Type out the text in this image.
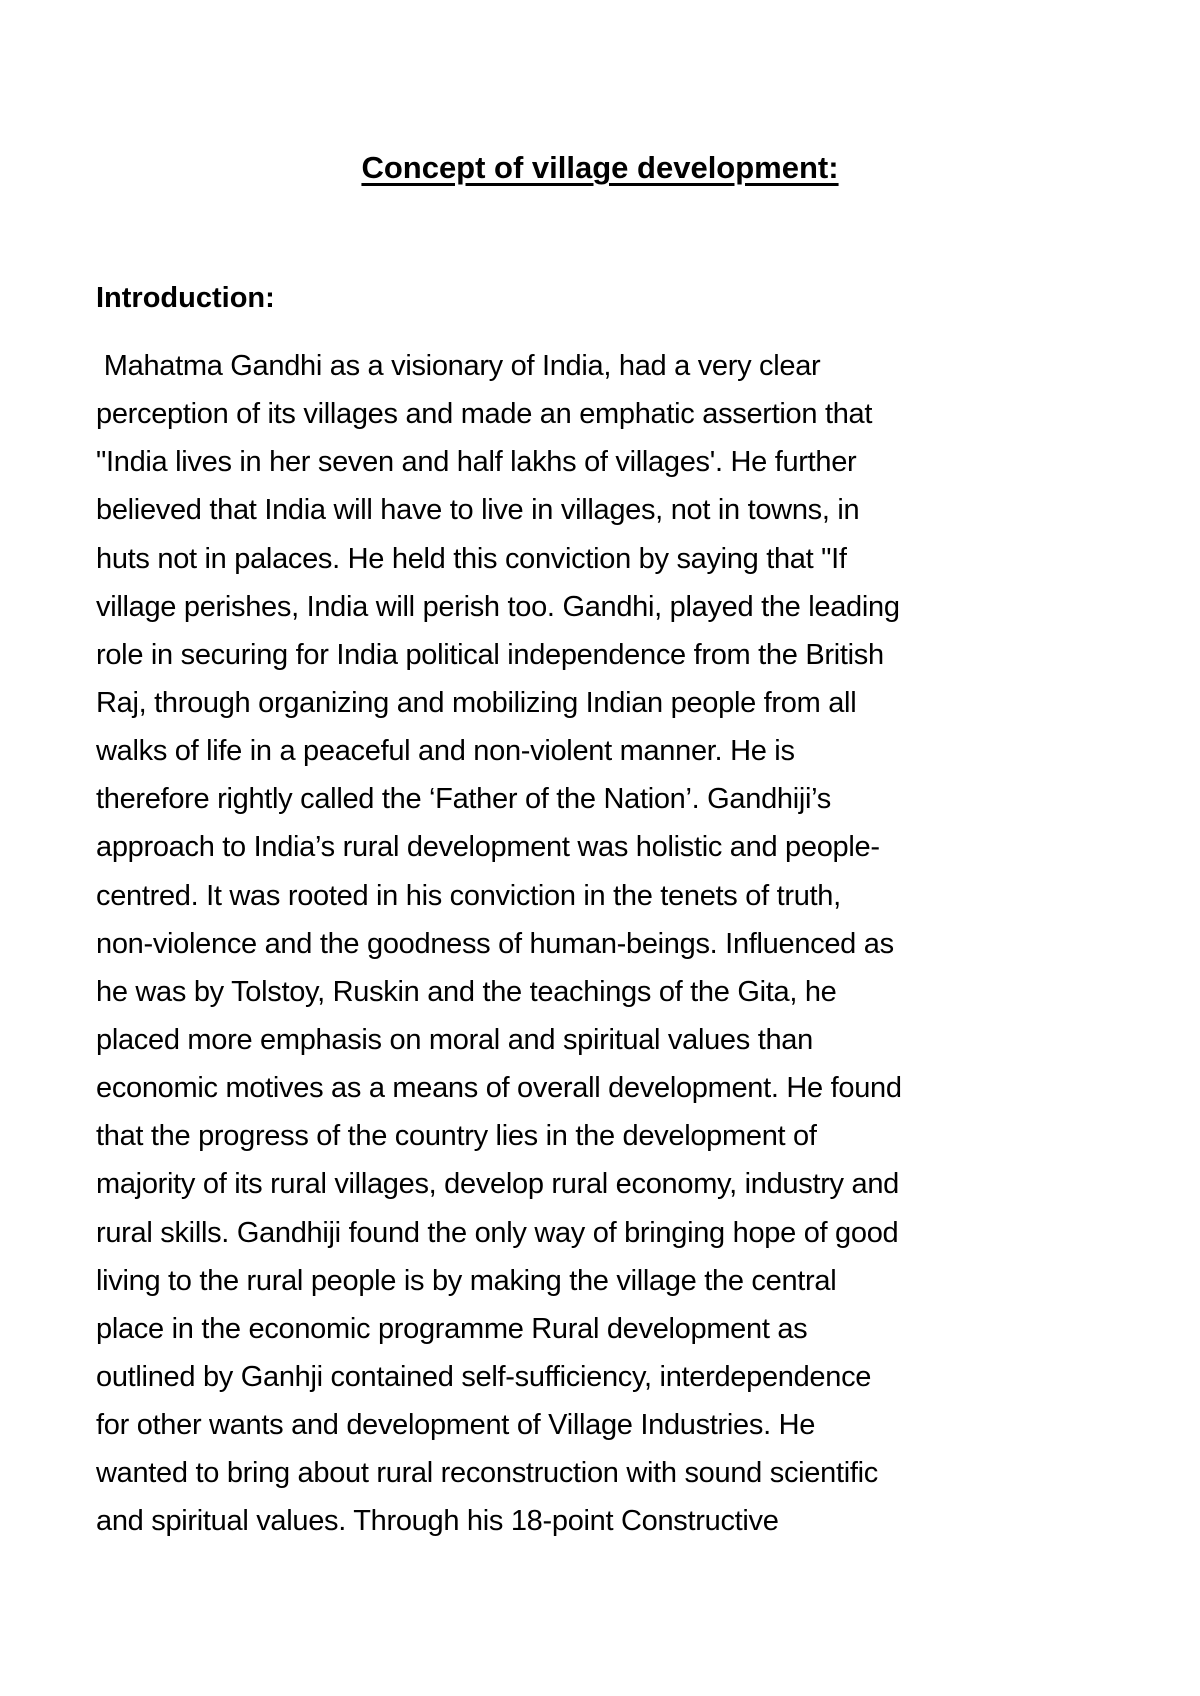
Concept of village development:
Introduction:
Mahatma Gandhi as a visionary of India, had a very clear
perception of its villages and made an emphatic assertion that
"India lives in her seven and half lakhs of villages'. He further
believed that India will have to live in villages, not in towns, in
huts not in palaces. He held this conviction by saying that "If
village perishes, India will perish too. Gandhi, played the leading
role in securing for India political independence from the British
Raj, through organizing and mobilizing Indian people from all
walks of life in a peaceful and non-violent manner. He is
therefore rightly called the ‘Father of the Nation’. Gandhiji’s
approach to India’s rural development was holistic and people-
centred. It was rooted in his conviction in the tenets of truth,
non-violence and the goodness of human-beings. Influenced as
he was by Tolstoy, Ruskin and the teachings of the Gita, he
placed more emphasis on moral and spiritual values than
economic motives as a means of overall development. He found
that the progress of the country lies in the development of
majority of its rural villages, develop rural economy, industry and
rural skills. Gandhiji found the only way of bringing hope of good
living to the rural people is by making the village the central
place in the economic programme Rural development as
outlined by Ganhji contained self-sufficiency, interdependence
for other wants and development of Village Industries. He
wanted to bring about rural reconstruction with sound scientific
and spiritual values. Through his 18-point Constructive
